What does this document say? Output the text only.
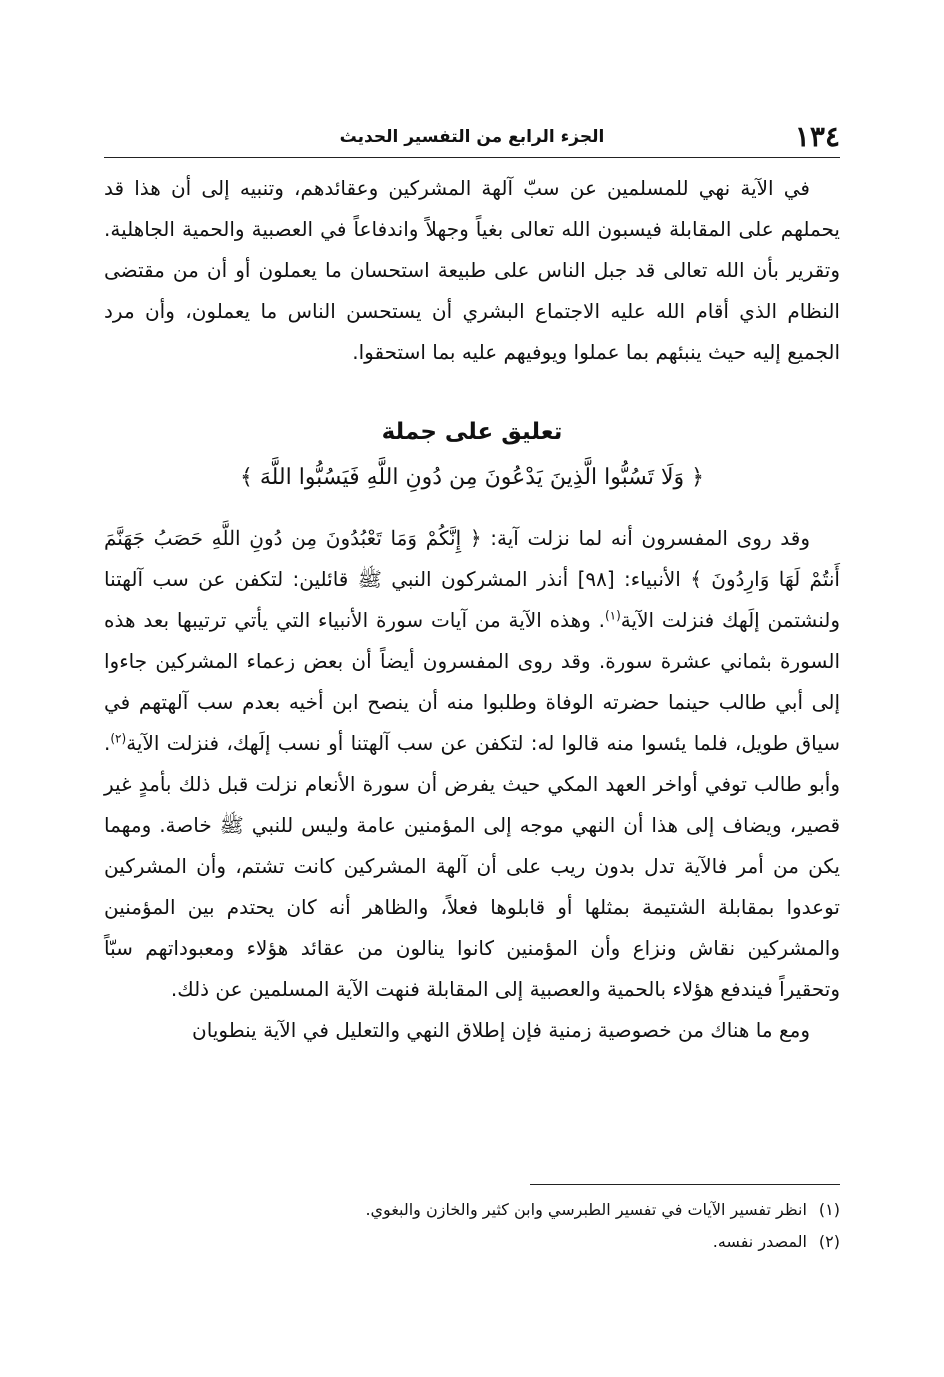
١٣٤
الجزء الرابع من التفسير الحديث

في الآية نهي للمسلمين عن سبّ آلهة المشركين وعقائدهم، وتنبيه إلى أن هذا قد يحملهم على المقابلة فيسبون الله تعالى بغياً وجهلاً واندفاعاً في العصبية والحمية الجاهلية. وتقرير بأن الله تعالى قد جبل الناس على طبيعة استحسان ما يعملون أو أن من مقتضى النظام الذي أقام الله عليه الاجتماع البشري أن يستحسن الناس ما يعملون، وأن مرد الجميع إليه حيث ينبئهم بما عملوا ويوفيهم عليه بما استحقوا.

تعليق على جملة
﴿ وَلَا تَسُبُّوا الَّذِينَ يَدْعُونَ مِن دُونِ اللَّهِ فَيَسُبُّوا اللَّهَ ﴾

وقد روى المفسرون أنه لما نزلت آية: ﴿ إِنَّكُمْ وَمَا تَعْبُدُونَ مِن دُونِ اللَّهِ حَصَبُ جَهَنَّمَ أَنتُمْ لَهَا وَارِدُونَ ﴾ الأنبياء: [٩٨] أنذر المشركون النبي ﷺ قائلين: لتكفن عن سب آلهتنا ولنشتمن إلَهك فنزلت الآية$^{(١)}$. وهذه الآية من آيات سورة الأنبياء التي يأتي ترتيبها بعد هذه السورة بثماني عشرة سورة. وقد روى المفسرون أيضاً أن بعض زعماء المشركين جاءوا إلى أبي طالب حينما حضرته الوفاة وطلبوا منه أن ينصح ابن أخيه بعدم سب آلهتهم في سياق طويل، فلما يئسوا منه قالوا له: لتكفن عن سب آلهتنا أو نسب إلَهك، فنزلت الآية$^{(٢)}$. وأبو طالب توفي أواخر العهد المكي حيث يفرض أن سورة الأنعام نزلت قبل ذلك بأمدٍ غير قصير، ويضاف إلى هذا أن النهي موجه إلى المؤمنين عامة وليس للنبي ﷺ خاصة. ومهما يكن من أمر فالآية تدل بدون ريب على أن آلهة المشركين كانت تشتم، وأن المشركين توعدوا بمقابلة الشتيمة بمثلها أو قابلوها فعلاً، والظاهر أنه كان يحتدم بين المؤمنين والمشركين نقاش ونزاع وأن المؤمنين كانوا ينالون من عقائد هؤلاء ومعبوداتهم سبّاً وتحقيراً فيندفع هؤلاء بالحمية والعصبية إلى المقابلة فنهت الآية المسلمين عن ذلك.

ومع ما هناك من خصوصية زمنية فإن إطلاق النهي والتعليل في الآية ينطويان

(١)انظر تفسير الآيات في تفسير الطبرسي وابن كثير والخازن والبغوي.

(٢)المصدر نفسه.
